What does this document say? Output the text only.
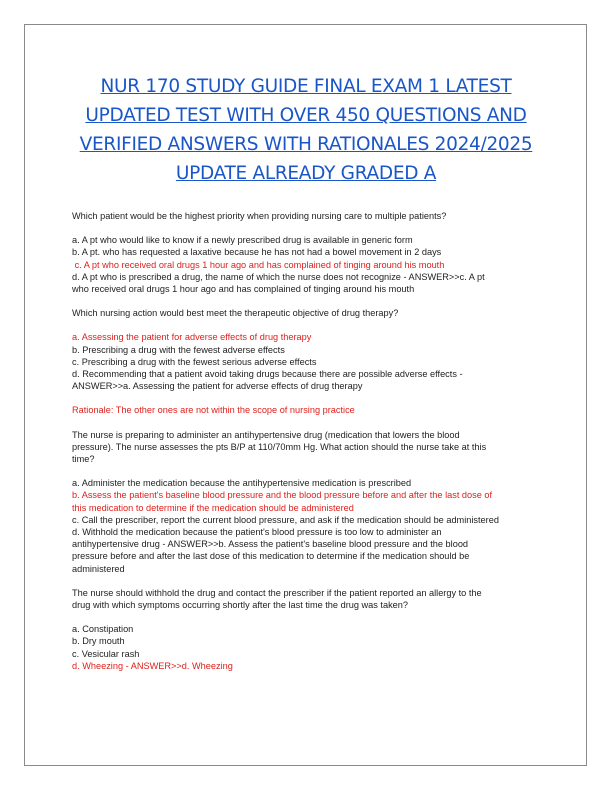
NUR 170 STUDY GUIDE FINAL EXAM 1 LATEST UPDATED TEST WITH OVER 450 QUESTIONS AND VERIFIED ANSWERS WITH RATIONALES 2024/2025 UPDATE ALREADY GRADED A
Which patient would be the highest priority when providing nursing care to multiple patients?
a. A pt who would like to know if a newly prescribed drug is available in generic form
b. A pt. who has requested a laxative because he has not had a bowel movement in 2 days
c. A pt who received oral drugs 1 hour ago and has complained of tinging around his mouth
d. A pt who is prescribed a drug, the name of which the nurse does not recognize - ANSWER>>c. A pt
who received oral drugs 1 hour ago and has complained of tinging around his mouth
Which nursing action would best meet the therapeutic objective of drug therapy?
a. Assessing the patient for adverse effects of drug therapy
b. Prescribing a drug with the fewest adverse effects
c. Prescribing a drug with the fewest serious adverse effects
d. Recommending that a patient avoid taking drugs because there are possible adverse effects -
ANSWER>>a. Assessing the patient for adverse effects of drug therapy
Rationale: The other ones are not within the scope of nursing practice
The nurse is preparing to administer an antihypertensive drug (medication that lowers the blood
pressure). The nurse assesses the pts B/P at 110/70mm Hg. What action should the nurse take at this
time?
a. Administer the medication because the antihypertensive medication is prescribed
b. Assess the patient's baseline blood pressure and the blood pressure before and after the last dose of
this medication to determine if the medication should be administered
c. Call the prescriber, report the current blood pressure, and ask if the medication should be administered
d. Withhold the medication because the patient's blood pressure is too low to administer an
antihypertensive drug - ANSWER>>b. Assess the patient's baseline blood pressure and the blood
pressure before and after the last dose of this medication to determine if the medication should be
administered
The nurse should withhold the drug and contact the prescriber if the patient reported an allergy to the
drug with which symptoms occurring shortly after the last time the drug was taken?
a. Constipation
b. Dry mouth
c. Vesicular rash
d. Wheezing - ANSWER>>d. Wheezing
